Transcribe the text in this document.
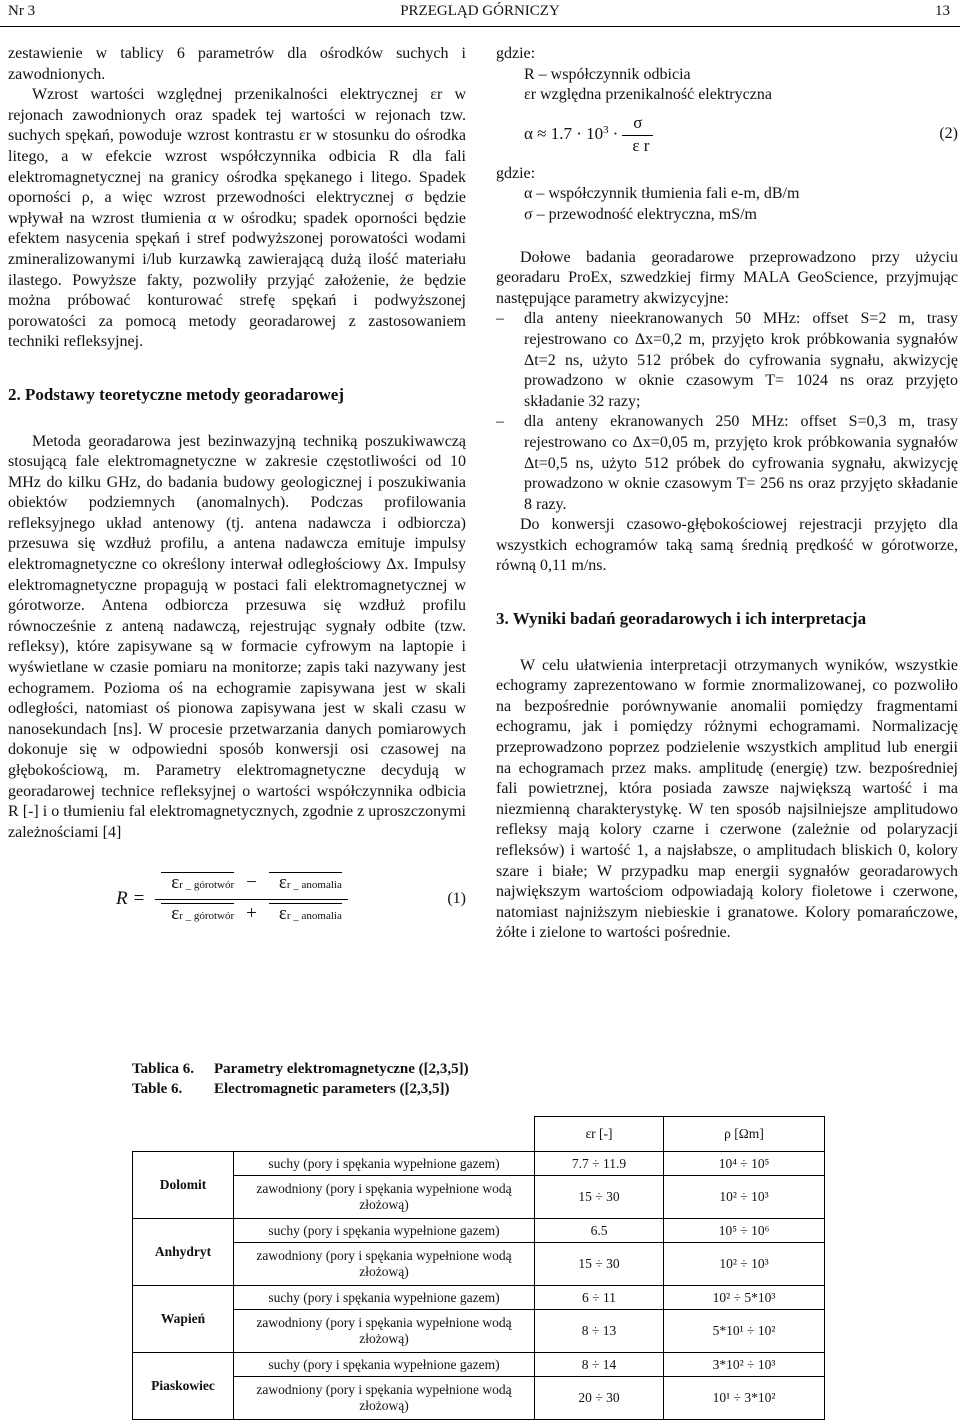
Nr 3	PRZEGLĄD GÓRNICZY	13

zestawienie w tablicy 6 parametrów dla ośrodków suchych i zawodnionych.

Wzrost wartości względnej przenikalności elektrycznej εr w rejonach zawodnionych oraz spadek tej wartości w rejonach tzw. suchych spękań, powoduje wzrost kontrastu εr w stosunku do ośrodka litego, a w efekcie wzrost współczynnika odbicia R dla fali elektromagnetycznej na granicy ośrodka spękanego i litego. Spadek oporności ρ, a więc wzrost przewodności elektrycznej σ będzie wpływał na wzrost tłumienia α w ośrodku; spadek oporności będzie efektem nasycenia spękań i stref podwyższonej porowatości wodami zmineralizowanymi i/lub kurzawką zawierającą dużą ilość materiału ilastego. Powyższe fakty, pozwoliły przyjąć założenie, że będzie można próbować konturować strefę spękań i podwyższonej porowatości za pomocą metody georadarowej z zastosowaniem techniki refleksyjnej.

2. Podstawy teoretyczne metody georadarowej

Metoda georadarowa jest bezinwazyjną techniką poszukiwawczą stosującą fale elektromagnetyczne w zakresie częstotliwości od 10 MHz do kilku GHz, do badania budowy geologicznej i poszukiwania obiektów podziemnych (anomalnych). Podczas profilowania refleksyjnego układ antenowy (tj. antena nadawcza i odbiorcza) przesuwa się wzdłuż profilu, a antena nadawcza emituje impulsy elektromagnetyczne co określony interwał odległościowy Δx. Impulsy elektromagnetyczne propagują w postaci fali elektromagnetycznej w górotworze. Antena odbiorcza przesuwa się wzdłuż profilu równocześnie z anteną nadawczą, rejestrując sygnały odbite (tzw. refleksy), które zapisywane są w formacie cyfrowym na laptopie i wyświetlane w czasie pomiaru na monitorze; zapis taki nazywany jest echogramem. Pozioma oś na echogramie zapisywana jest w skali odległości, natomiast oś pionowa zapisywana jest w skali czasu w nanosekundach [ns]. W procesie przetwarzania danych pomiarowych dokonuje się w odpowiedni sposób konwersji osi czasowej na głębokościową, m. Parametry elektromagnetyczne decydują w georadarowej technice refleksyjnej o wartości współczynnika odbicia R [-] i o tłumieniu fal elektromagnetycznych, zgodnie z uproszczonymi zależnościami [4]

R =
εr _ górotwór −	εr _ anomalia
εr _ górotwór +	εr _ anomalia
(1)

gdzie:

R – współczynnik odbicia

εr względna przenikalność elektryczna

$\alpha \approx 1.7 \cdot 10^3$ ·
σ
ε r
(2)

gdzie:

α – współczynnik tłumienia fali e-m, dB/m

σ – przewodność elektryczna, mS/m

Dołowe badania georadarowe przeprowadzono przy użyciu georadaru ProEx, szwedzkiej firmy MALA GeoScience, przyjmując następujące parametry akwizycyjne:

–	dla anteny nieekranowanych 50 MHz: offset S=2 m, trasy rejestrowano co Δx=0,2 m, przyjęto krok próbkowania sygnałów Δt=2 ns, użyto 512 próbek do cyfrowania sygnału, akwizycję prowadzono w oknie czasowym T= 1024 ns oraz przyjęto składanie 32 razy;
–	dla anteny ekranowanych 250 MHz: offset S=0,3 m, trasy rejestrowano co Δx=0,05 m, przyjęto krok próbkowania sygnałów Δt=0,5 ns, użyto 512 próbek do cyfrowania sygnału, akwizycję prowadzono w oknie czasowym T= 256 ns oraz przyjęto składanie 8 razy.

Do konwersji czasowo-głębokościowej rejestracji przyjęto dla wszystkich echogramów taką samą średnią prędkość w górotworze, równą 0,11 m/ns.

3. Wyniki badań georadarowych i ich interpretacja

W celu ułatwienia interpretacji otrzymanych wyników, wszystkie echogramy zaprezentowano w formie znormalizowanej, co pozwoliło na bezpośrednie porównywanie anomalii pomiędzy fragmentami echogramu, jak i pomiędzy różnymi echogramami. Normalizację przeprowadzono poprzez podzielenie wszystkich amplitud lub energii na echogramach przez maks. amplitudę (energię) tzw. bezpośredniej fali powietrznej, która posiada zawsze największą wartość i ma niezmienną charakterystykę. W ten sposób najsilniejsze amplitudowo refleksy mają kolory czarne i czerwone (zależnie od polaryzacji refleksów) i wartość 1, a najsłabsze, o amplitudach bliskich 0, kolory szare i białe; W przypadku map energii sygnałów georadarowych największym wartościom odpowiadają kolory fioletowe i czerwone, natomiast najniższym niebieskie i granatowe. Kolory pomarańczowe, żółte i zielone to wartości pośrednie.

Tablica 6.	Parametry elektromagnetyczne ([2,3,5])
Table 6.	Electromagnetic parameters ([2,3,5])
		εr [-]	ρ [Ωm]
Dolomit	suchy (pory i spękania wypełnione gazem)	7.7 ÷ 11.9	10⁴ ÷ 10⁵
	zawodniony (pory i spękania wypełnione wodą złożową)	15 ÷ 30	10² ÷ 10³
Anhydryt	suchy (pory i spękania wypełnione gazem)	6.5	10⁵ ÷ 10⁶
	zawodniony (pory i spękania wypełnione wodą złożową)	15 ÷ 30	10² ÷ 10³
Wapień	suchy (pory i spękania wypełnione gazem)	6 ÷ 11	10² ÷ 5*10³
	zawodniony (pory i spękania wypełnione wodą złożową)	8 ÷ 13	5*10¹ ÷ 10²
Piaskowiec	suchy (pory i spękania wypełnione gazem)	8 ÷ 14	3*10² ÷ 10³
	zawodniony (pory i spękania wypełnione wodą złożową)	20 ÷ 30	10¹ ÷ 3*10²
